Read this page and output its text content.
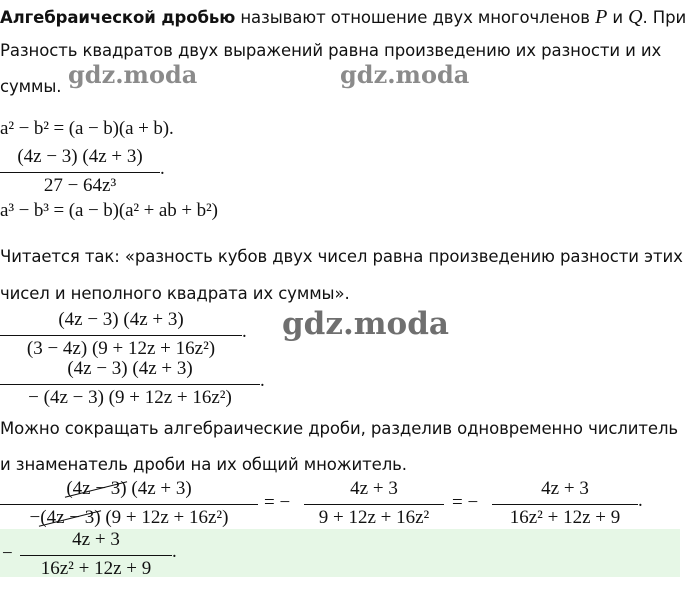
Алгебраической дробью называют отношение двух многочленов P и Q. При
Разность квадратов двух выражений равна произведению их разности и их
суммы. gdz.moda	gdz.moda
gdz.moda
a² − b² = (a − b)(a + b).
(4z − 3) (4z + 3)
27 − 64z³
.
a³ − b³ = (a − b)(a² + ab + b²)
Читается так: «разность кубов двух чисел равна произведению разности этих
чисел и неполного квадрата их суммы».
(4z − 3) (4z + 3)
(3 − 4z) (9 + 12z + 16z²)
.
(4z − 3) (4z + 3)
− (4z − 3) (9 + 12z + 16z²)
.
Можно сокращать алгебраические дроби, разделив одновременно числитель
и знаменатель дроби на их общий множитель.
(4z − 3) (4z + 3)
−(4z − 3) (9 + 12z + 16z²)
= −
4z + 3
9 + 12z + 16z²
= −
4z + 3
16z² + 12z + 9
.
−
4z + 3
16z² + 12z + 9
.
